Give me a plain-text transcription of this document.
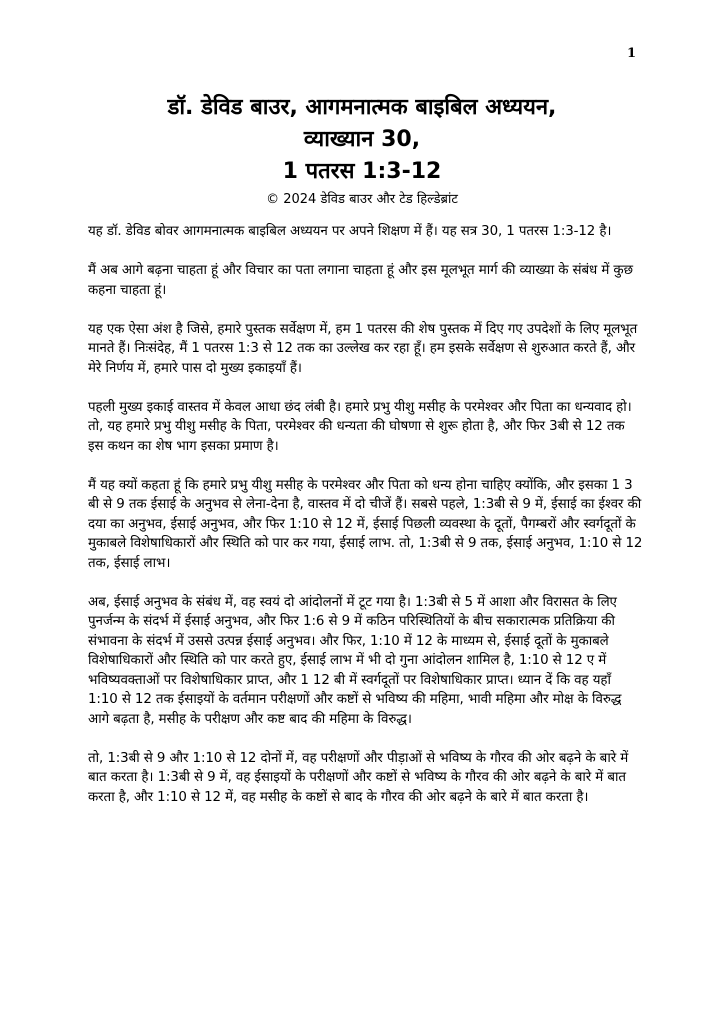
1
डॉ. डेविड बाउर, आगमनात्मक बाइबिल अध्ययन,
व्याख्यान 30,
1 पतरस 1:3-12
© 2024 डेविड बाउर और टेड हिल्डेब्रांट

यह डॉ. डेविड बोवर आगमनात्मक बाइबिल अध्ययन पर अपने शिक्षण में हैं। यह सत्र 30, 1 पतरस 1:3-12 है।

मैं अब आगे बढ़ना चाहता हूं और विचार का पता लगाना चाहता हूं और इस मूलभूत मार्ग की व्याख्या के संबंध में कुछ कहना चाहता हूं।

यह एक ऐसा अंश है जिसे, हमारे पुस्तक सर्वेक्षण में, हम 1 पतरस की शेष पुस्तक में दिए गए उपदेशों के लिए मूलभूत मानते हैं। निःसंदेह, मैं 1 पतरस 1:3 से 12 तक का उल्लेख कर रहा हूँ। हम इसके सर्वेक्षण से शुरुआत करते हैं, और मेरे निर्णय में, हमारे पास दो मुख्य इकाइयाँ हैं।

पहली मुख्य इकाई वास्तव में केवल आधा छंद लंबी है। हमारे प्रभु यीशु मसीह के परमेश्वर और पिता का धन्यवाद हो। तो, यह हमारे प्रभु यीशु मसीह के पिता, परमेश्वर की धन्यता की घोषणा से शुरू होता है, और फिर 3बी से 12 तक इस कथन का शेष भाग इसका प्रमाण है।

मैं यह क्यों कहता हूं कि हमारे प्रभु यीशु मसीह के परमेश्वर और पिता को धन्य होना चाहिए क्योंकि, और इसका 1 3 बी से 9 तक ईसाई के अनुभव से लेना-देना है, वास्तव में दो चीजें हैं। सबसे पहले, 1:3बी से 9 में, ईसाई का ईश्वर की दया का अनुभव, ईसाई अनुभव, और फिर 1:10 से 12 में, ईसाई पिछली व्यवस्था के दूतों, पैगम्बरों और स्वर्गदूतों के मुकाबले विशेषाधिकारों और स्थिति को पार कर गया, ईसाई लाभ. तो, 1:3बी से 9 तक, ईसाई अनुभव, 1:10 से 12 तक, ईसाई लाभ।

अब, ईसाई अनुभव के संबंध में, वह स्वयं दो आंदोलनों में टूट गया है। 1:3बी से 5 में आशा और विरासत के लिए पुनर्जन्म के संदर्भ में ईसाई अनुभव, और फिर 1:6 से 9 में कठिन परिस्थितियों के बीच सकारात्मक प्रतिक्रिया की संभावना के संदर्भ में उससे उत्पन्न ईसाई अनुभव। और फिर, 1:10 में 12 के माध्यम से, ईसाई दूतों के मुकाबले विशेषाधिकारों और स्थिति को पार करते हुए, ईसाई लाभ में भी दो गुना आंदोलन शामिल है, 1:10 से 12 ए में भविष्यवक्ताओं पर विशेषाधिकार प्राप्त, और 1 12 बी में स्वर्गदूतों पर विशेषाधिकार प्राप्त। ध्यान दें कि वह यहाँ 1:10 से 12 तक ईसाइयों के वर्तमान परीक्षणों और कष्टों से भविष्य की महिमा, भावी महिमा और मोक्ष के विरुद्ध आगे बढ़ता है, मसीह के परीक्षण और कष्ट बाद की महिमा के विरुद्ध।

तो, 1:3बी से 9 और 1:10 से 12 दोनों में, वह परीक्षणों और पीड़ाओं से भविष्य के गौरव की ओर बढ़ने के बारे में बात करता है। 1:3बी से 9 में, वह ईसाइयों के परीक्षणों और कष्टों से भविष्य के गौरव की ओर बढ़ने के बारे में बात करता है, और 1:10 से 12 में, वह मसीह के कष्टों से बाद के गौरव की ओर बढ़ने के बारे में बात करता है।
